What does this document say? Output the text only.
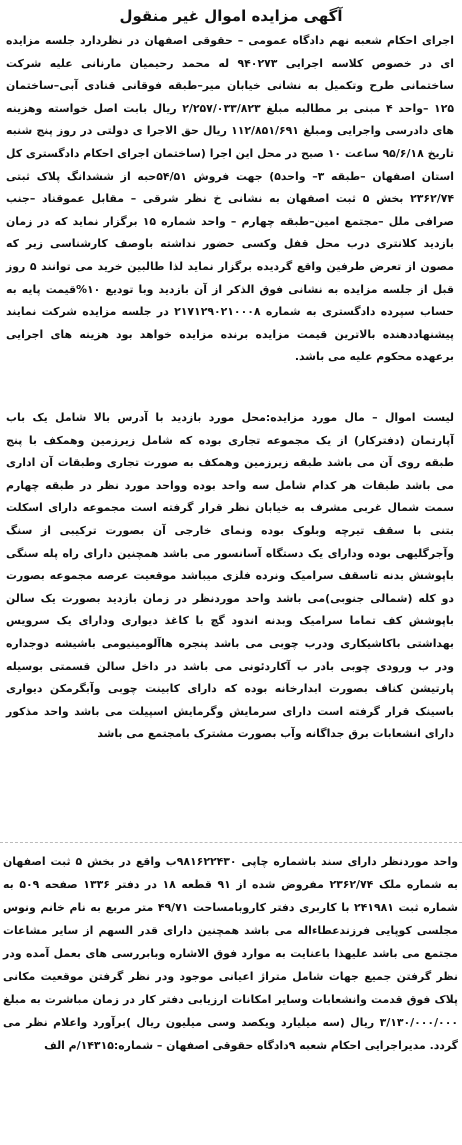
آگهی مزایده اموال غیر منقول
اجرای احکام شعبه نهم دادگاه عمومی – حقوقی اصفهان در نظردارد جلسه مزایده ای در خصوص کلاسه اجرایی ۹۴۰۲۷۳ له محمد رحیمیان مارنانی علیه شرکت ساختمانی طرح وتکمیل به نشانی خیابان میر–طبقه فوقانی قنادی آبی–ساختمان ۱۲۵ –واحد ۴ مبنی بر مطالبه مبلغ ۲/۲۵۷/۰۳۳/۸۲۳ ریال بابت اصل خواسته وهزینه های دادرسی واجرایی ومبلغ ۱۱۲/۸۵۱/۶۹۱ ریال حق الاجرا ی دولتی در روز پنج شنبه تاریخ ۹۵/۶/۱۸ ساعت ۱۰ صبح در محل این اجرا (ساختمان اجرای احکام دادگستری کل استان اصفهان –طبقه ۳– واحد۵) جهت فروش ۵۴/۵۱حبه از ششدانگ پلاک ثبتی ۲۳۶۲/۷۴ بخش ۵ ثبت اصفهان به نشانی خ نظر شرقی – مقابل عموقناد –جنب صرافی ملل –مجتمع امین–طبقه چهارم – واحد شماره ۱۵ برگزار نماید که در زمان بازدید کلانتری درب محل قفل وکسی حضور نداشته باوصف کارشناسی زیر که مصون از تعرض طرفین واقع گردیده برگزار نماید لذا طالبین خرید می توانند ۵ روز قبل از جلسه مزایده به نشانی فوق الذکر از آن بازدید وبا تودیع ۱۰%قیمت پایه به حساب سپرده دادگستری به شماره ۲۱۷۱۲۹۰۲۱۰۰۰۸ در جلسه مزایده شرکت نمایند پیشنهاددهنده بالاترین قیمت مزایده برنده مزایده خواهد بود هزینه های اجرایی برعهده محکوم علیه می باشد.
لیست اموال – مال مورد مزایده:محل مورد بازدید با آدرس بالا شامل یک باب آپارتمان (دفترکار) از یک مجموعه تجاری بوده که شامل زیرزمین وهمکف با پنج طبقه روی آن می باشد طبقه زیرزمین وهمکف به صورت تجاری وطبقات آن اداری می باشد طبقات هر کدام شامل سه واحد بوده وواحد مورد نظر در طبقه چهارم سمت شمال غربی مشرف به خیابان نظر قرار گرفته است مجموعه دارای اسکلت بتنی با سقف تیرچه وبلوک بوده ونمای خارجی آن بصورت ترکیبی از سنگ وآجرگلیهی بوده ودارای یک دستگاه آسانسور می باشد همچنین دارای راه پله سنگی باپوشش بدنه تاسقف سرامیک ونرده فلزی میباشد موقعیت عرصه مجموعه بصورت دو کله (شمالی جنوبی)می باشد واحد موردنظر در زمان بازدید بصورت یک سالن باپوشش کف تماما سرامیک وبدنه اندود گچ با کاغذ دیواری ودارای یک سرویس بهداشتی باکاشیکاری ودرب چوبی می باشد پنجره هاآلومینیومی باشیشه دوجداره ودر ب ورودی چوبی بادر ب آکاردئونی می باشد در داخل سالن قسمتی بوسیله پارتیشن کناف بصورت ابدارخانه بوده که دارای کابینت چوبی وآبگرمکن دیواری باسینک قرار گرفته است دارای سرمایش وگرمایش اسپیلت می باشد واحد مذکور دارای انشعابات برق جداگانه وآب بصورت مشترک بامجتمع می باشد
واحد موردنظر دارای سند باشماره چاپی ۹۸۱۶۲۲۴۳۰ب واقع در بخش ۵ ثبت اصفهان به شماره ملک ۲۳۶۲/۷۴ مفروض شده از ۹۱ قطعه ۱۸ در دفتر ۱۳۳۶ صفحه ۵۰۹ به شماره ثبت ۲۴۱۹۸۱ با کاربری دفتر کاروبامساحت ۴۹/۷۱ متر مربع به نام خانم ونوس مجلسی کوپایی فرزندعطاءاله می باشد همچنین دارای قدر السهم از سایر مشاعات مجتمع می باشد علیهذا باعنایت به موارد فوق الاشاره وبابررسی های بعمل آمده ودر نظر گرفتن جمیع جهات شامل متراژ اعیانی موجود ودر نظر گرفتن موقعیت مکانی پلاک فوق قدمت وانشعابات وسایر امکانات ارزیابی دفتر کار در زمان مباشرت به مبلغ ۳/۱۳۰/۰۰۰/۰۰۰ ریال (سه میلیارد ویکصد وسی میلیون ریال )برآورد واعلام نظر می گردد. مدیراجرایی احکام شعبه ۹دادگاه حقوقی اصفهان – شماره:۱۴۳۱۵/م الف
